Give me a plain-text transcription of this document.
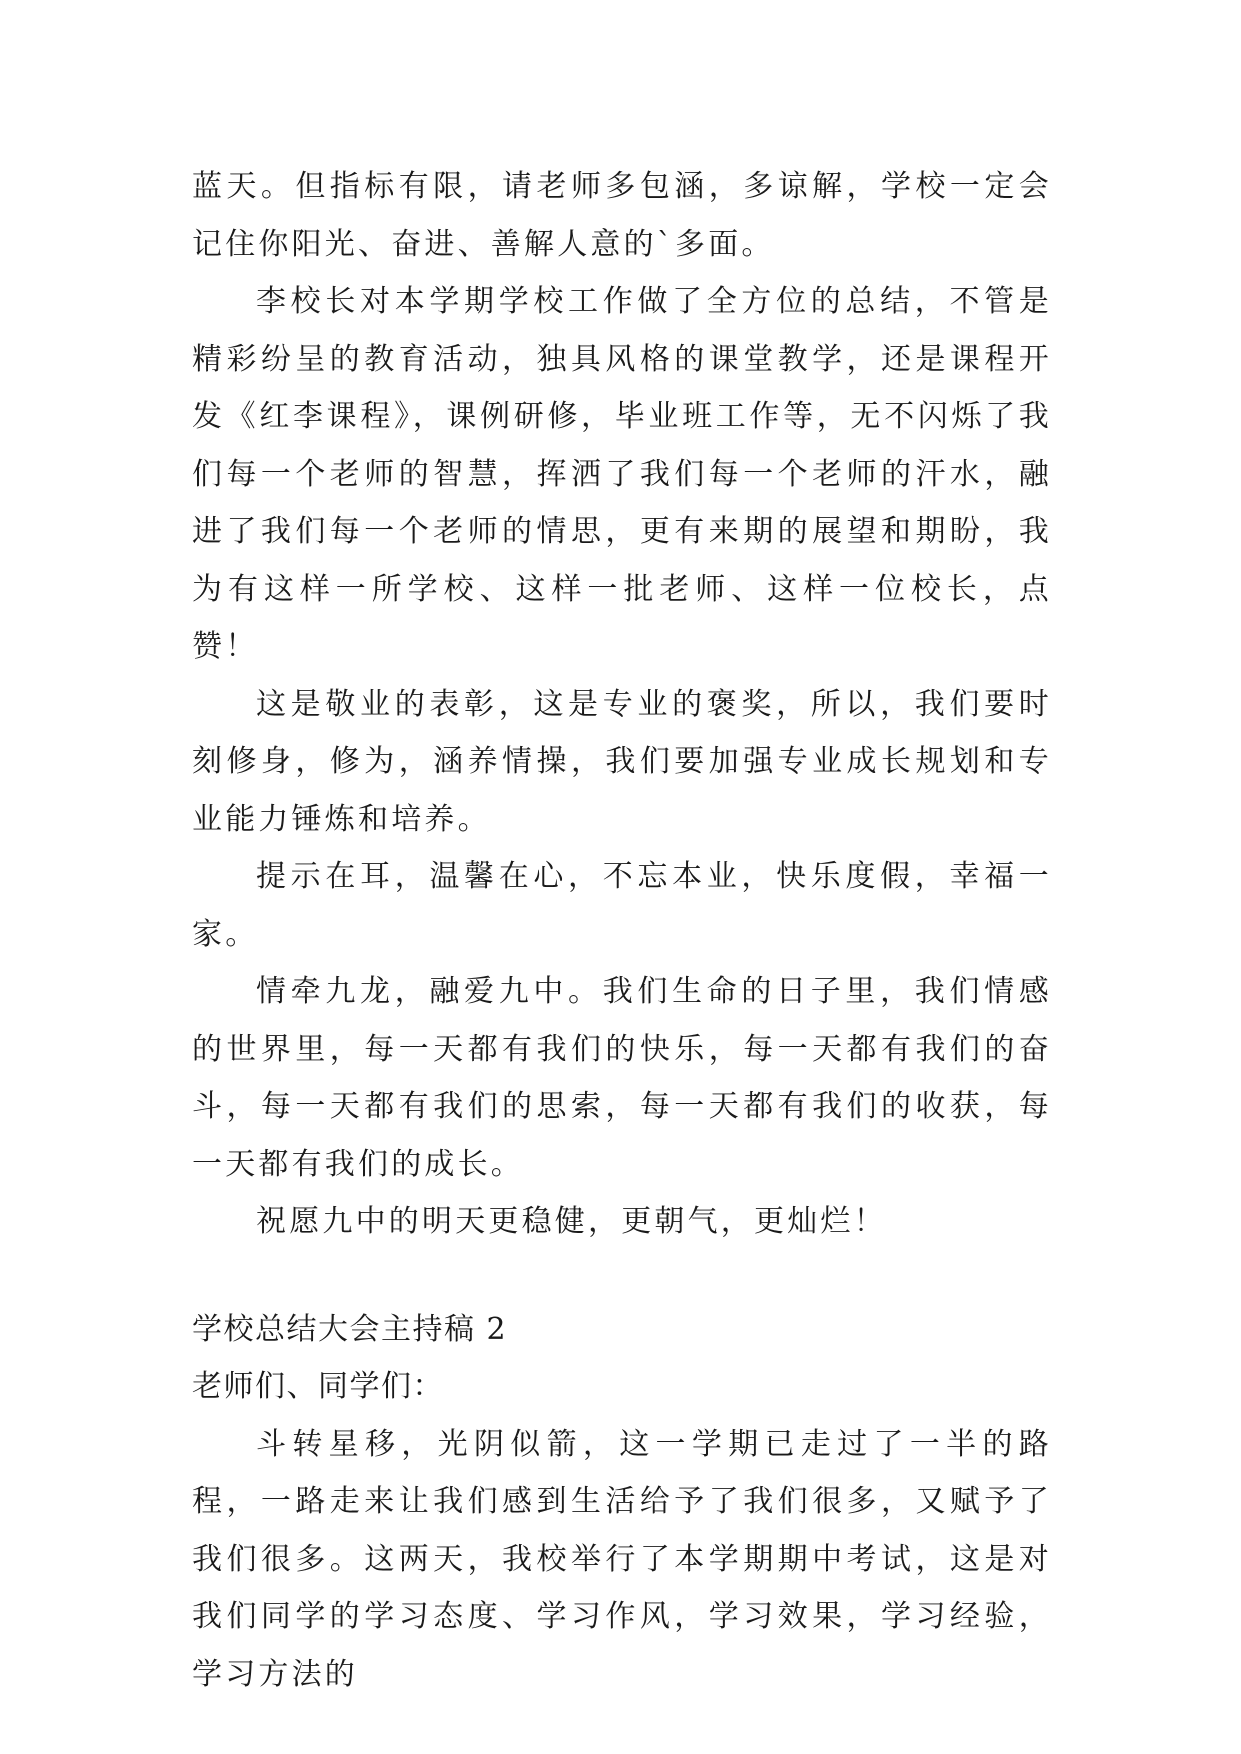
蓝天。但指标有限，请老师多包涵，多谅解，学校一定会记住你阳光、奋进、善解人意的`多面。

李校长对本学期学校工作做了全方位的总结，不管是精彩纷呈的教育活动，独具风格的课堂教学，还是课程开发《红李课程》，课例研修，毕业班工作等，无不闪烁了我们每一个老师的智慧，挥洒了我们每一个老师的汗水，融进了我们每一个老师的情思，更有来期的展望和期盼，我为有这样一所学校、这样一批老师、这样一位校长，点赞！

这是敬业的表彰，这是专业的褒奖，所以，我们要时刻修身，修为，涵养情操，我们要加强专业成长规划和专业能力锤炼和培养。

提示在耳，温馨在心，不忘本业，快乐度假，幸福一家。

情牵九龙，融爱九中。我们生命的日子里，我们情感的世界里，每一天都有我们的快乐，每一天都有我们的奋斗，每一天都有我们的思索，每一天都有我们的收获，每一天都有我们的成长。

祝愿九中的明天更稳健，更朝气，更灿烂！

学校总结大会主持稿 2

老师们、同学们：

斗转星移，光阴似箭，这一学期已走过了一半的路程，一路走来让我们感到生活给予了我们很多，又赋予了我们很多。这两天，我校举行了本学期期中考试，这是对我们同学的学习态度、学习作风，学习效果，学习经验，学习方法的
